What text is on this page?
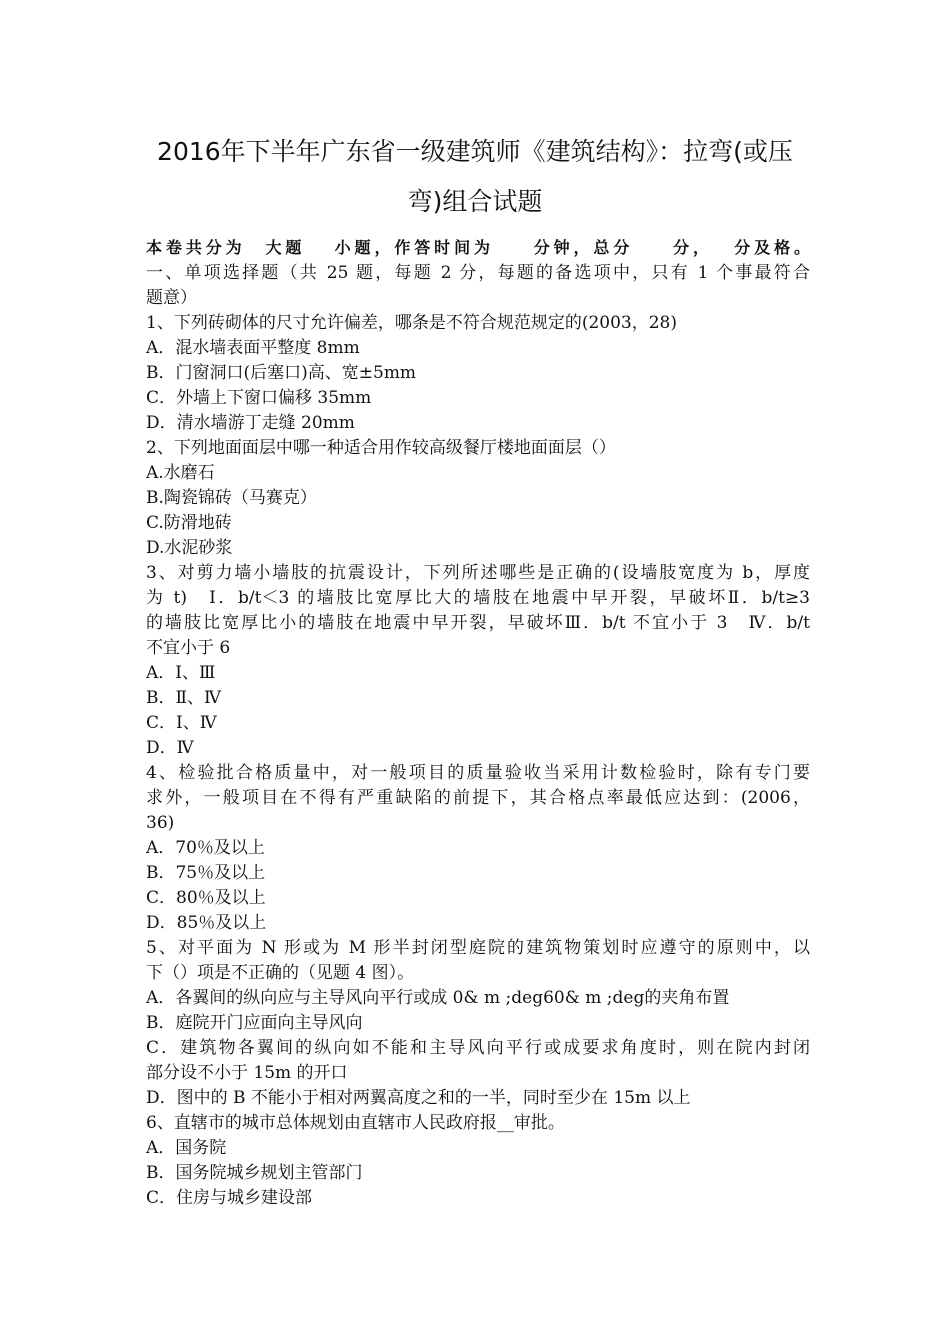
2016年下半年广东省一级建筑师《建筑结构》：拉弯(或压
弯)组合试题
本卷共分为　大题　 小题，作答时间为　　分钟，总分　　分，　 分及格。
一、单项选择题（共 25 题，每题 2 分，每题的备选项中，只有 1 个事最符合
题意）
1、下列砖砌体的尺寸允许偏差，哪条是不符合规范规定的(2003，28)
A．混水墙表面平整度 8mm
B．门窗洞口(后塞口)高、宽±5mm
C．外墙上下窗口偏移 35mm
D．清水墙游丁走缝 20mm
2、下列地面面层中哪一种适合用作较高级餐厅楼地面面层（）
A.水磨石
B.陶瓷锦砖（马赛克）
C.防滑地砖
D.水泥砂浆
3、对剪力墙小墙肢的抗震设计，下列所述哪些是正确的(设墙肢宽度为 b，厚度
为 t)　Ⅰ．b/t＜3 的墙肢比宽厚比大的墙肢在地震中早开裂，早破坏Ⅱ．b/t≥3
的墙肢比宽厚比小的墙肢在地震中早开裂，早破坏Ⅲ．b/t 不宜小于 3　Ⅳ．b/t
不宜小于 6
A．Ⅰ、Ⅲ
B．Ⅱ、Ⅳ
C．Ⅰ、Ⅳ
D．Ⅳ
4、检验批合格质量中，对一般项目的质量验收当采用计数检验时，除有专门要
求外，一般项目在不得有严重缺陷的前提下，其合格点率最低应达到：(2006，
36)
A．70％及以上
B．75％及以上
C．80％及以上
D．85％及以上
5、对平面为 N 形或为 M 形半封闭型庭院的建筑物策划时应遵守的原则中，以
下（）项是不正确的（见题 4 图）。
A．各翼间的纵向应与主导风向平行或成 0& m ;deg60& m ;deg的夹角布置
B．庭院开门应面向主导风向
C．建筑物各翼间的纵向如不能和主导风向平行或成要求角度时，则在院内封闭
部分设不小于 15m 的开口
D．图中的 B 不能小于相对两翼高度之和的一半，同时至少在 15m 以上
6、直辖市的城市总体规划由直辖市人民政府报__审批。
A．国务院
B．国务院城乡规划主管部门
C．住房与城乡建设部
